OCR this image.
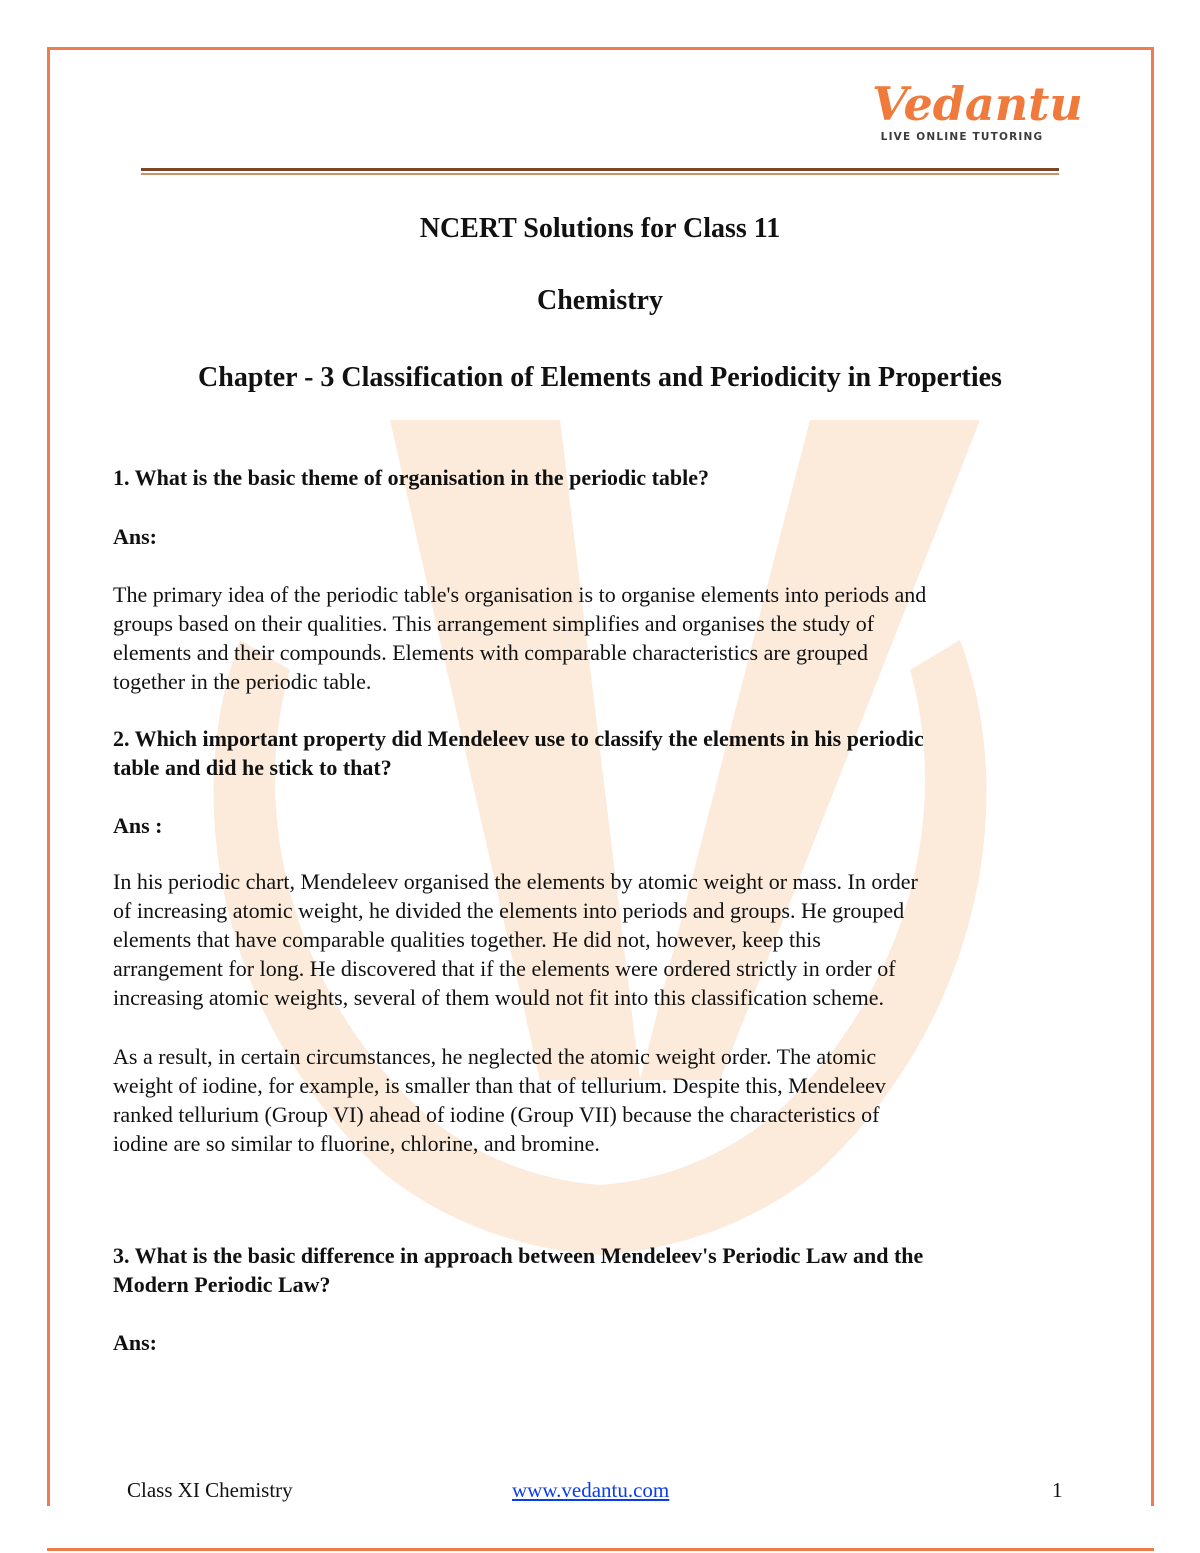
Vedantu
LIVE ONLINE TUTORING
NCERT Solutions for Class 11
Chemistry
Chapter - 3 Classification of Elements and Periodicity in Properties
1. What is the basic theme of organisation in the periodic table?
Ans:
The primary idea of the periodic table's organisation is to organise elements into periods and
groups based on their qualities. This arrangement simplifies and organises the study of
elements and their compounds. Elements with comparable characteristics are grouped
together in the periodic table.
2. Which important property did Mendeleev use to classify the elements in his periodic
table and did he stick to that?
Ans :
In his periodic chart, Mendeleev organised the elements by atomic weight or mass. In order
of increasing atomic weight, he divided the elements into periods and groups. He grouped
elements that have comparable qualities together. He did not, however, keep this
arrangement for long. He discovered that if the elements were ordered strictly in order of
increasing atomic weights, several of them would not fit into this classification scheme.
As a result, in certain circumstances, he neglected the atomic weight order. The atomic
weight of iodine, for example, is smaller than that of tellurium. Despite this, Mendeleev
ranked tellurium (Group VI) ahead of iodine (Group VII) because the characteristics of
iodine are so similar to fluorine, chlorine, and bromine.
3. What is the basic difference in approach between Mendeleev's Periodic Law and the
Modern Periodic Law?
Ans:
Class XI Chemistry	www.vedantu.com	1
